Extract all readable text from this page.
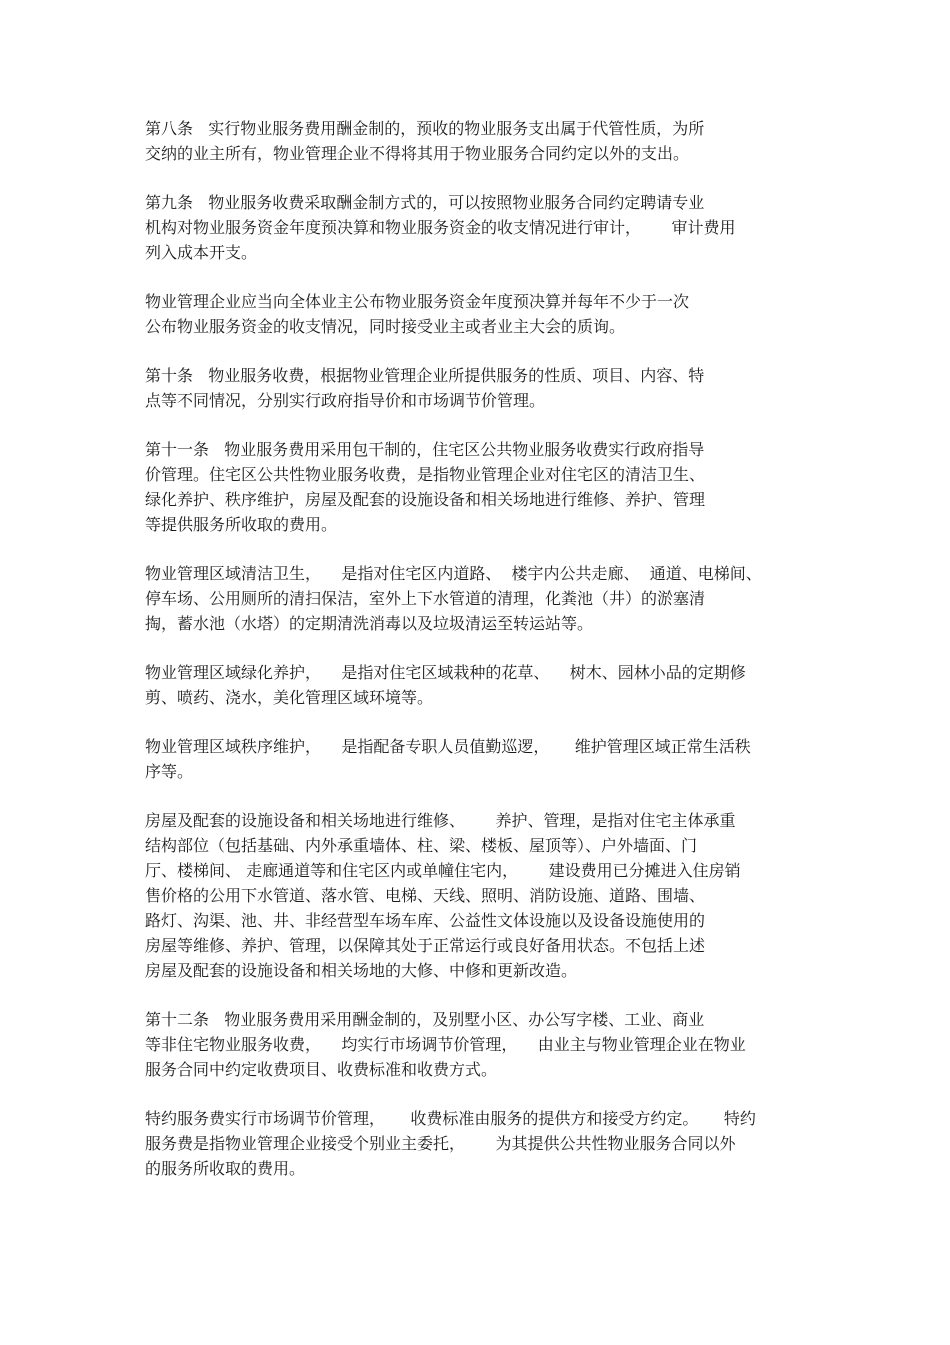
第八条   实行物业服务费用酬金制的，预收的物业服务支出属于代管性质，为所
交纳的业主所有，物业管理企业不得将其用于物业服务合同约定以外的支出。

第九条   物业服务收费采取酬金制方式的，可以按照物业服务合同约定聘请专业
机构对物业服务资金年度预决算和物业服务资金的收支情况进行审计，      审计费用
列入成本开支。

物业管理企业应当向全体业主公布物业服务资金年度预决算并每年不少于一次
公布物业服务资金的收支情况，同时接受业主或者业主大会的质询。

第十条   物业服务收费，根据物业管理企业所提供服务的性质、项目、内容、特
点等不同情况，分别实行政府指导价和市场调节价管理。

第十一条   物业服务费用采用包干制的，住宅区公共物业服务收费实行政府指导
价管理。住宅区公共性物业服务收费，是指物业管理企业对住宅区的清洁卫生、
绿化养护、秩序维护，房屋及配套的设施设备和相关场地进行维修、养护、管理
等提供服务所收取的费用。

物业管理区域清洁卫生，    是指对住宅区内道路、  楼宇内公共走廊、  通道、电梯间、
停车场、公用厕所的清扫保洁，室外上下水管道的清理，化粪池（井）的淤塞清
掏，蓄水池（水塔）的定期清洗消毒以及垃圾清运至转运站等。

物业管理区域绿化养护，    是指对住宅区域栽种的花草、    树木、园林小品的定期修
剪、喷药、浇水，美化管理区域环境等。

物业管理区域秩序维护，    是指配备专职人员值勤巡逻，     维护管理区域正常生活秩
序等。

房屋及配套的设施设备和相关场地进行维修、      养护、管理，是指对住宅主体承重
结构部位（包括基础、内外承重墙体、柱、梁、楼板、屋顶等）、户外墙面、门
厅、楼梯间、 走廊通道等和住宅区内或单幢住宅内，      建设费用已分摊进入住房销
售价格的公用下水管道、落水管、电梯、天线、照明、消防设施、道路、围墙、
路灯、沟渠、池、井、非经营型车场车库、公益性文体设施以及设备设施使用的
房屋等维修、养护、管理，以保障其处于正常运行或良好备用状态。不包括上述
房屋及配套的设施设备和相关场地的大修、中修和更新改造。

第十二条   物业服务费用采用酬金制的，及别墅小区、办公写字楼、工业、商业
等非住宅物业服务收费，    均实行市场调节价管理，    由业主与物业管理企业在物业
服务合同中约定收费项目、收费标准和收费方式。

特约服务费实行市场调节价管理，     收费标准由服务的提供方和接受方约定。     特约
服务费是指物业管理企业接受个别业主委托，      为其提供公共性物业服务合同以外
的服务所收取的费用。
